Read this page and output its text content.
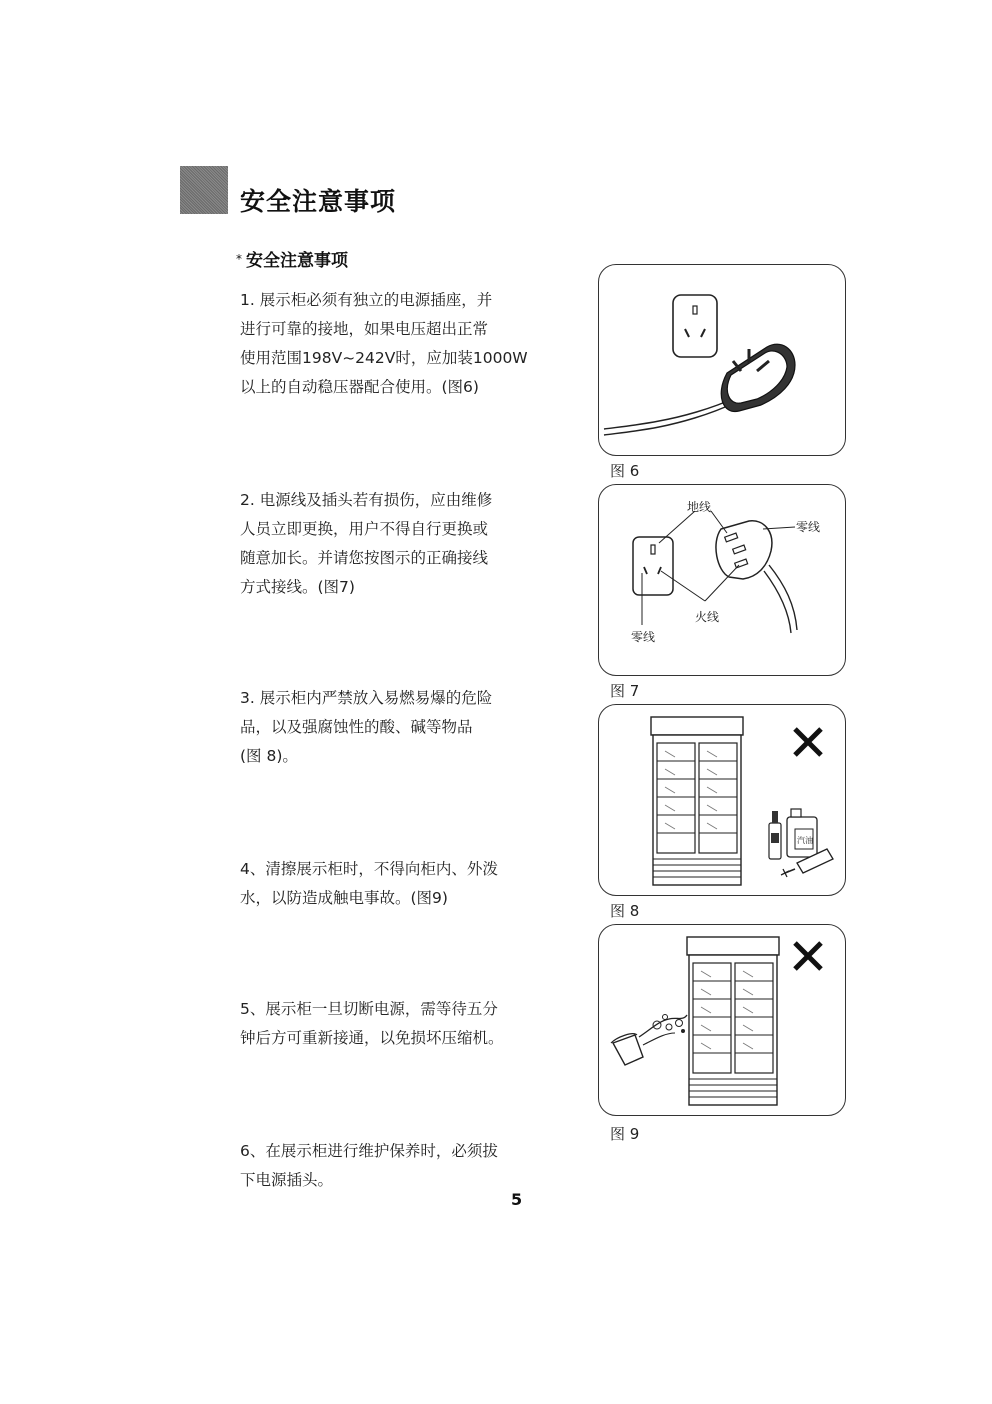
安全注意事项
* 安全注意事项
1. 展示柜必须有独立的电源插座，并
进行可靠的接地，如果电压超出正常
使用范围198V~242V时，应加装1000W
以上的自动稳压器配合使用。(图6)
2. 电源线及插头若有损伤，应由维修
人员立即更换，用户不得自行更换或
随意加长。并请您按图示的正确接线
方式接线。(图7)
3. 展示柜内严禁放入易燃易爆的危险
品，以及强腐蚀性的酸、碱等物品
(图 8)。
4、清擦展示柜时，不得向柜内、外泼
水，以防造成触电事故。(图9)
5、展示柜一旦切断电源，需等待五分
钟后方可重新接通，以免损坏压缩机。
6、在展示柜进行维护保养时，必须拔
下电源插头。
图 6
地线
零线
火线
零线
图 7
汽油
图 8
图 9
5
